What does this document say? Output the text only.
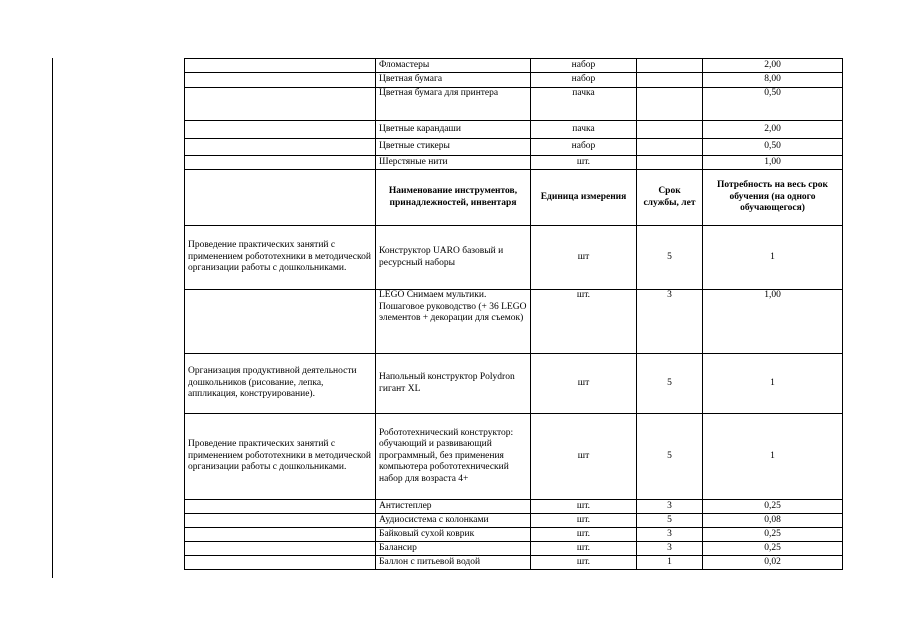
	Фломастеры	набор		2,00
	Цветная бумага	набор		8,00
	Цветная бумага для принтера	пачка		0,50
	Цветные карандаши	пачка		2,00
	Цветные стикеры	набор		0,50
	Шерстяные нити	шт.		1,00
	Наименование инструментов, принадлежностей, инвентаря	Единица измерения	Срок службы, лет	Потребность на весь срок обучения (на одного обучающегося)
Проведение практических занятий с применением робототехники в методической организации работы с дошкольниками.	Конструктор UARO базовый и ресурсный наборы	шт	5	1
	LEGO Снимаем мультики. Пошаговое руководство (+ 36 LEGO элементов + декорации для съемок)	шт.	3	1,00
Организация продуктивной деятельности дошкольников (рисование, лепка, аппликация, конструирование).	Напольный конструктор Polydron гигант XL	шт	5	1
Проведение практических занятий с применением робототехники в методической организации работы с дошкольниками.	Робототехнический конструктор: обучающий и развивающий программный, без применения компьютера робототехнический набор для возраста 4+	шт	5	1
	Антистеплер	шт.	3	0,25
	Аудиосистема с колонками	шт.	5	0,08
	Байковый сухой коврик	шт.	3	0,25
	Балансир	шт.	3	0,25
	Баллон с питьевой водой	шт.	1	0,02
